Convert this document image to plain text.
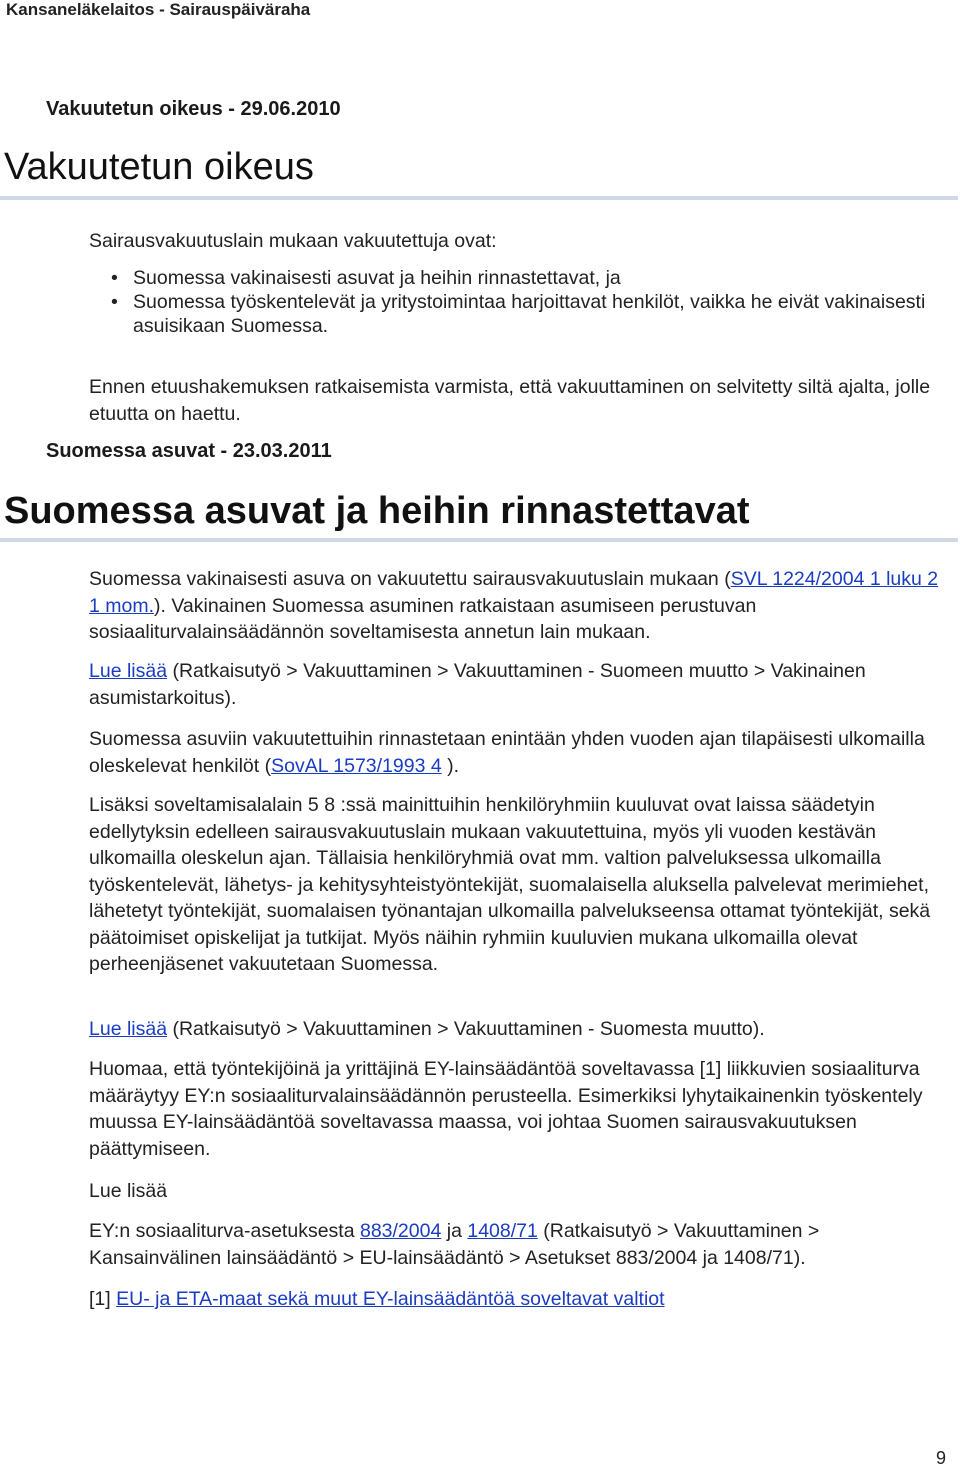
Kansaneläkelaitos - Sairauspäiväraha
Vakuutetun oikeus - 29.06.2010
Vakuutetun oikeus

Sairausvakuutuslain mukaan vakuutettuja ovat:

• Suomessa vakinaisesti asuvat ja heihin rinnastettavat, ja
• Suomessa työskentelevät ja yritystoimintaa harjoittavat henkilöt, vaikka he eivät vakinaisesti asuisikaan Suomessa.

Ennen etuushakemuksen ratkaisemista varmista, että vakuuttaminen on selvitetty siltä ajalta, jolle etuutta on haettu.

Suomessa asuvat - 23.03.2011
Suomessa asuvat ja heihin rinnastettavat

Suomessa vakinaisesti asuva on vakuutettu sairausvakuutuslain mukaan (SVL 1224/2004 1 luku 2 1 mom.). Vakinainen Suomessa asuminen ratkaistaan asumiseen perustuvan sosiaaliturvalainsäädännön soveltamisesta annetun lain mukaan.

Lue lisää (Ratkaisutyö > Vakuuttaminen > Vakuuttaminen - Suomeen muutto > Vakinainen asumistarkoitus).

Suomessa asuviin vakuutettuihin rinnastetaan enintään yhden vuoden ajan tilapäisesti ulkomailla oleskelevat henkilöt (SovAL 1573/1993 4 ).

Lisäksi soveltamisalalain 5 8 :ssä mainittuihin henkilöryhmiin kuuluvat ovat laissa säädetyin edellytyksin edelleen sairausvakuutuslain mukaan vakuutettuina, myös yli vuoden kestävän ulkomailla oleskelun ajan. Tällaisia henkilöryhmiä ovat mm. valtion palveluksessa ulkomailla työskentelevät, lähetys- ja kehitysyhteistyöntekijät, suomalaisella aluksella palvelevat merimiehet, lähetetyt työntekijät, suomalaisen työnantajan ulkomailla palvelukseensa ottamat työntekijät, sekä päätoimiset opiskelijat ja tutkijat. Myös näihin ryhmiin kuuluvien mukana ulkomailla olevat perheenjäsenet vakuutetaan Suomessa.

Lue lisää (Ratkaisutyö > Vakuuttaminen > Vakuuttaminen - Suomesta muutto).

Huomaa, että työntekijöinä ja yrittäjinä EY-lainsäädäntöä soveltavassa [1] liikkuvien sosiaaliturva määräytyy EY:n sosiaaliturvalainsäädännön perusteella. Esimerkiksi lyhytaikainenkin työskentely muussa EY-lainsäädäntöä soveltavassa maassa, voi johtaa Suomen sairausvakuutuksen päättymiseen.

Lue lisää

EY:n sosiaaliturva-asetuksesta 883/2004 ja 1408/71 (Ratkaisutyö > Vakuuttaminen > Kansainvälinen lainsäädäntö > EU-lainsäädäntö > Asetukset 883/2004 ja 1408/71).

[1] EU- ja ETA-maat sekä muut EY-lainsäädäntöä soveltavat valtiot

9
